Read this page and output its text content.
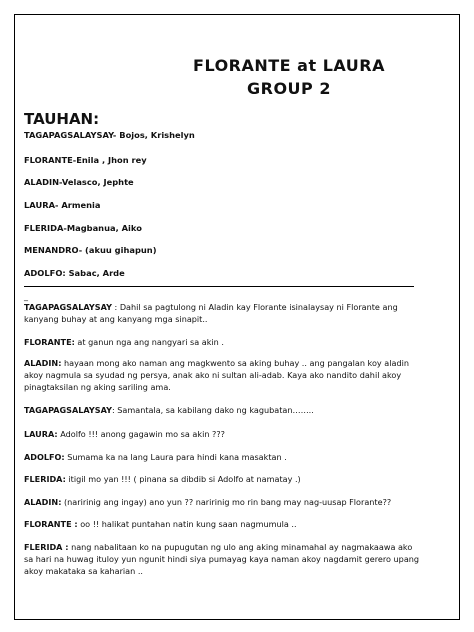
FLORANTE at LAURA
GROUP 2
TAUHAN:
TAGAPAGSALAYSAY- Bojos, Krishelyn
FLORANTE-Enila , Jhon rey
ALADIN-Velasco, Jephte
LAURA- Armenia
FLERIDA-Magbanua, Aiko
MENANDRO- (akuu gihapun)
ADOLFO: Sabac, Arde
_
TAGAPAGSALAYSAY : Dahil sa pagtulong ni Aladin kay Florante isinalaysay ni Florante ang kanyang buhay at ang kanyang mga sinapit..
FLORANTE: at ganun nga ang nangyari sa akin .
ALADIN: hayaan mong ako naman ang magkwento sa aking buhay .. ang pangalan koy aladin akoy nagmula sa syudad ng persya, anak ako ni sultan ali-adab. Kaya ako nandito dahil akoy pinagtaksilan ng aking sariling ama.
TAGAPAGSALAYSAY: Samantala, sa kabilang dako ng kagubatan……..
LAURA: Adolfo !!! anong gagawin mo sa akin ???
ADOLFO: Sumama ka na lang Laura para hindi kana masaktan .
FLERIDA: itigil mo yan !!! ( pinana sa dibdib si Adolfo at namatay .)
ALADIN: (naririnig ang ingay) ano yun ?? naririnig mo rin bang may nag-uusap Florante??
FLORANTE : oo !! halikat puntahan natin kung saan nagmumula ..
FLERIDA : nang nabalitaan ko na pupugutan ng ulo ang aking minamahal ay nagmakaawa ako sa hari na huwag ituloy yun ngunit hindi siya pumayag kaya naman akoy nagdamit gerero upang akoy makataka sa kaharian ..
